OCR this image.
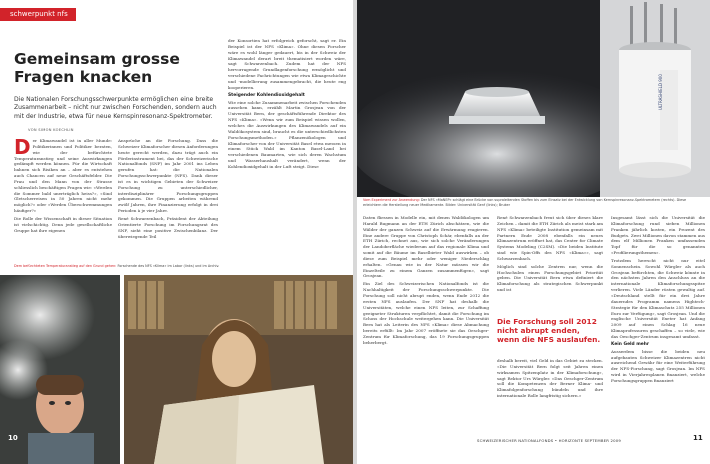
schwerpunkt nfs
Gemeinsam grosse Fragen knacken
Die Nationalen Forschungsschwerpunkte ermöglichen eine breite Zusammenarbeit – nicht nur zwischen Forschenden, sondern auch mit der Industrie, etwa für neue Kernspinresonanz-Spektrometer.
VON SIMON KOECHLIN
D er Klimawandel ist in aller Munde: Politikerinnen und Politiker beraten, wie der befürchtete Temperaturanstieg und seine Auswirkungen gedämpft werden können. Für die Wirtschaft bahnen sich Risiken an – aber es entstehen auch Chancen auf neue Geschäftsfelder. Die Frau und den Mann von der Strasse schliesslich beschäftigen Fragen wie: «Werden die Sommer bald unerträglich heiss?», «Sind Gletscherreisen in 50 Jahren nicht mehr möglich?» oder «Werden Überschwemmungen häufiger?»

Die Rolle der Wissenschaft in dieser Situation ist vielschichtig. Denn jede gesellschaftliche Gruppe hat ihre eigenen

Ansprüche an die Forschung. Dass die Schweizer Klimaforscher diesen Anforderungen heute gerecht werden, dazu trägt auch ein Förderinstrument bei, das der Schweizerische Nationalfonds (SNF) im Jahr 2001 ins Leben gerufen hat: die Nationalen Forschungsschwerpunkte (NFS). Dank dieser ist es in wichtigen Gebieten der Schweizer Forschung zu unterschiedlicher, interdisziplinärer Forschungsgruppen gekommen. Die Gruppen arbeiten während zwölf Jahren, ihre Finanzierung erfolgt in drei Perioden à je vier Jahre.

René Schwarzenbach, Präsident der Abteilung Orientierte Forschung im Forschungsrat des SNF, sieht eine positive Zwischenbilanz. Der überwiegende Teil

der Konsortien hat erfolgreich geforscht, sagt er. Ein Beispiel ist der NFS «Klima». Ohne diesen Forscher wäre es wohl länger gedauert, bis in der Schweiz der Klimawandel derart breit thematisiert worden wäre, sagt Schwarzenbach. Zudem hat der NFS hervorragende Grundlagenforschung ermöglicht und verschiedene Fachrichtungen wie etwa Klimageschichte und -modellierung zusammengebracht, die heute eng kooperieren.

Steigender Kohlendioxidgehalt

Wie eine solche Zusammenarbeit zwischen Forschenden aussehen kann, erzählt Martin Grosjean von der Universität Bern, der geschäftsführende Direktor des NFS «Klima». «Wenn wir zum Beispiel wissen wollen, welches die Auswirkungen des Klimawandels auf ein Waldökosystem sind, braucht es die unterschiedlichsten Forschungsmethoden.» Pflanzenökologen und Klimaforscher von der Universität Basel etwa messen in einem Stück Wald im Kanton Basel-Land bei verschiedenen Baumarten, wie sich deren Wachstum und Wasserhaushalt verändert, wenn der Kohlendioxidgehalt in der Luft steigt. Diese

Dem befürchteten Temperaturanstieg auf den Grund gehen: Forschende des NFS «Klima» im Labor (links) und im Archiv.
10
ULTRASHIELD 900
Vom Experiment zur Anwendung: Der NFS «MaNEP» schlägt eine Brücke von supraleitenden Stoffen bis zum Einsatz bei der Entwicklung von Kernspinresonanz-Spektrometern (rechts). Diese erleichtern die Herstellung neuer Medikamente. Bilder: Universität Genf (links); Bruker

Daten fliessen in Modelle ein, mit denen Waldökologen um Harald Bugmann an der ETH Zürich abschätzen, wie die Wälder der ganzen Schweiz auf die Erwärmung reagieren. Eine andere Gruppe von Christoph Schär, ebenfalls an der ETH Zürich, rechnet aus, wie sich solche Veränderungen der Landoberfläche wiederum auf das regionale Klima und somit auf die Bäume im Baselbieter Wald auswirken – ob diese zum Beispiel mehr oder weniger Niederschlag erhalten. «Genau wie in der Natur müssen wir die Einzelteile zu einem Ganzen zusammenfügen», sagt Grosjean.

Ein Ziel des Schweizerischen Nationalfonds ist die Nachhaltigkeit der Forschungsschwerpunkte. Die Forschung soll nicht abrupt enden, wenn Ende 2012 die ersten NFS auslaufen. Der SNF hat deshalb die Universitäten, welche einen NFS leiten, zur Schaffung geeigneter Strukturen verpflichtet, damit die Forschung im Schoss der Hochschule weitergehen kann. Die Universität Bern hat als Leiterin des NFS «Klima» diese Abmachung bereits erfüllt: Im Jahr 2007 eröffnete sie das Oeschger-Zentrum für Klimaforschung, das 19 Forschungsgruppen beherbergt.

René Schwarzenbach freut sich über dieses klare Zeichen – damit die ETH Zürich als meist stark am NFS «Klima» beteiligte Institution gemeinsam mit Partnern Ende 2008 ebenfalls ein neues Klimazentrum eröffnet hat, das Center for Climate Systems Modeling (C2SM). «Die beiden Institute sind wie Spin-Offs des NFS «Klima»», sagt Schwarzenbach.

Möglich sind solche Zentren nur, wenn die Hochschulen einen Forschungsgebiet Priorität geben. Die Universität Bern etwa definiert die Klimaforschung als strategischen Schwerpunkt und ist

Die Forschung soll 2012 nicht abrupt enden, wenn die NFS auslaufen.

deshalb bereit, viel Geld in das Gebiet zu stecken. «Die Universität Bern folgt seit Jahren einen wirksamen Spitzenplatz in der Klimaforschung», sagt Rektor Urs Würgler. «Das Oeschger-Zentrum soll die Kompetenzen der Berner Klima- und Klimafolgenforschung bündeln und ihre internationale Rolle langfristig sichern.»

Insgesamt lässt sich die Universität die Klimaforschung rund sieben Millionen Franken jährlich kosten, ein Prozent des Budgets. Zwei Millionen davon stammen aus dem elf Millionen Franken umfassenden Topf für die so genannten «Profilierungsthemen».

Trotzdem herrscht nicht nur eitel Sonnenschein. Sowohl Würgler als auch Grosjean befürchten, die Schweiz könnte in den nächsten Jahren den Anschluss an die internationale Klimaforschungsspitze verlieren. Viele Länder rüsten gewaltig auf. «Deutschland stellt für ein drei Jahre dauerndes Programm namens Hightech-Strategie für den Klimaschutz 255 Millionen Euro zur Verfügung», sagt Grosjean. Und die englische Universität Exeter hat Anfang 2009 auf einen Schlag 16 neue Klimaprofessuren geschaffen – so viele, wie das Oeschger-Zentrum insgesamt umfasst.

Kein Geld mehr

Ausserdem bisse die beiden neu aufgebauten Schweizer Klimazentren nicht ausreichend Gewähr für eine Weiterführung der NFS-Forschung, sagt Grosjean. Im NFS wird in Vierjahresplanen finanziert, welche Forschungsgruppen finanziert

SCHWEIZERISCHER NATIONALFONDS • HORIZONTE SEPTEMBER 2009	11
